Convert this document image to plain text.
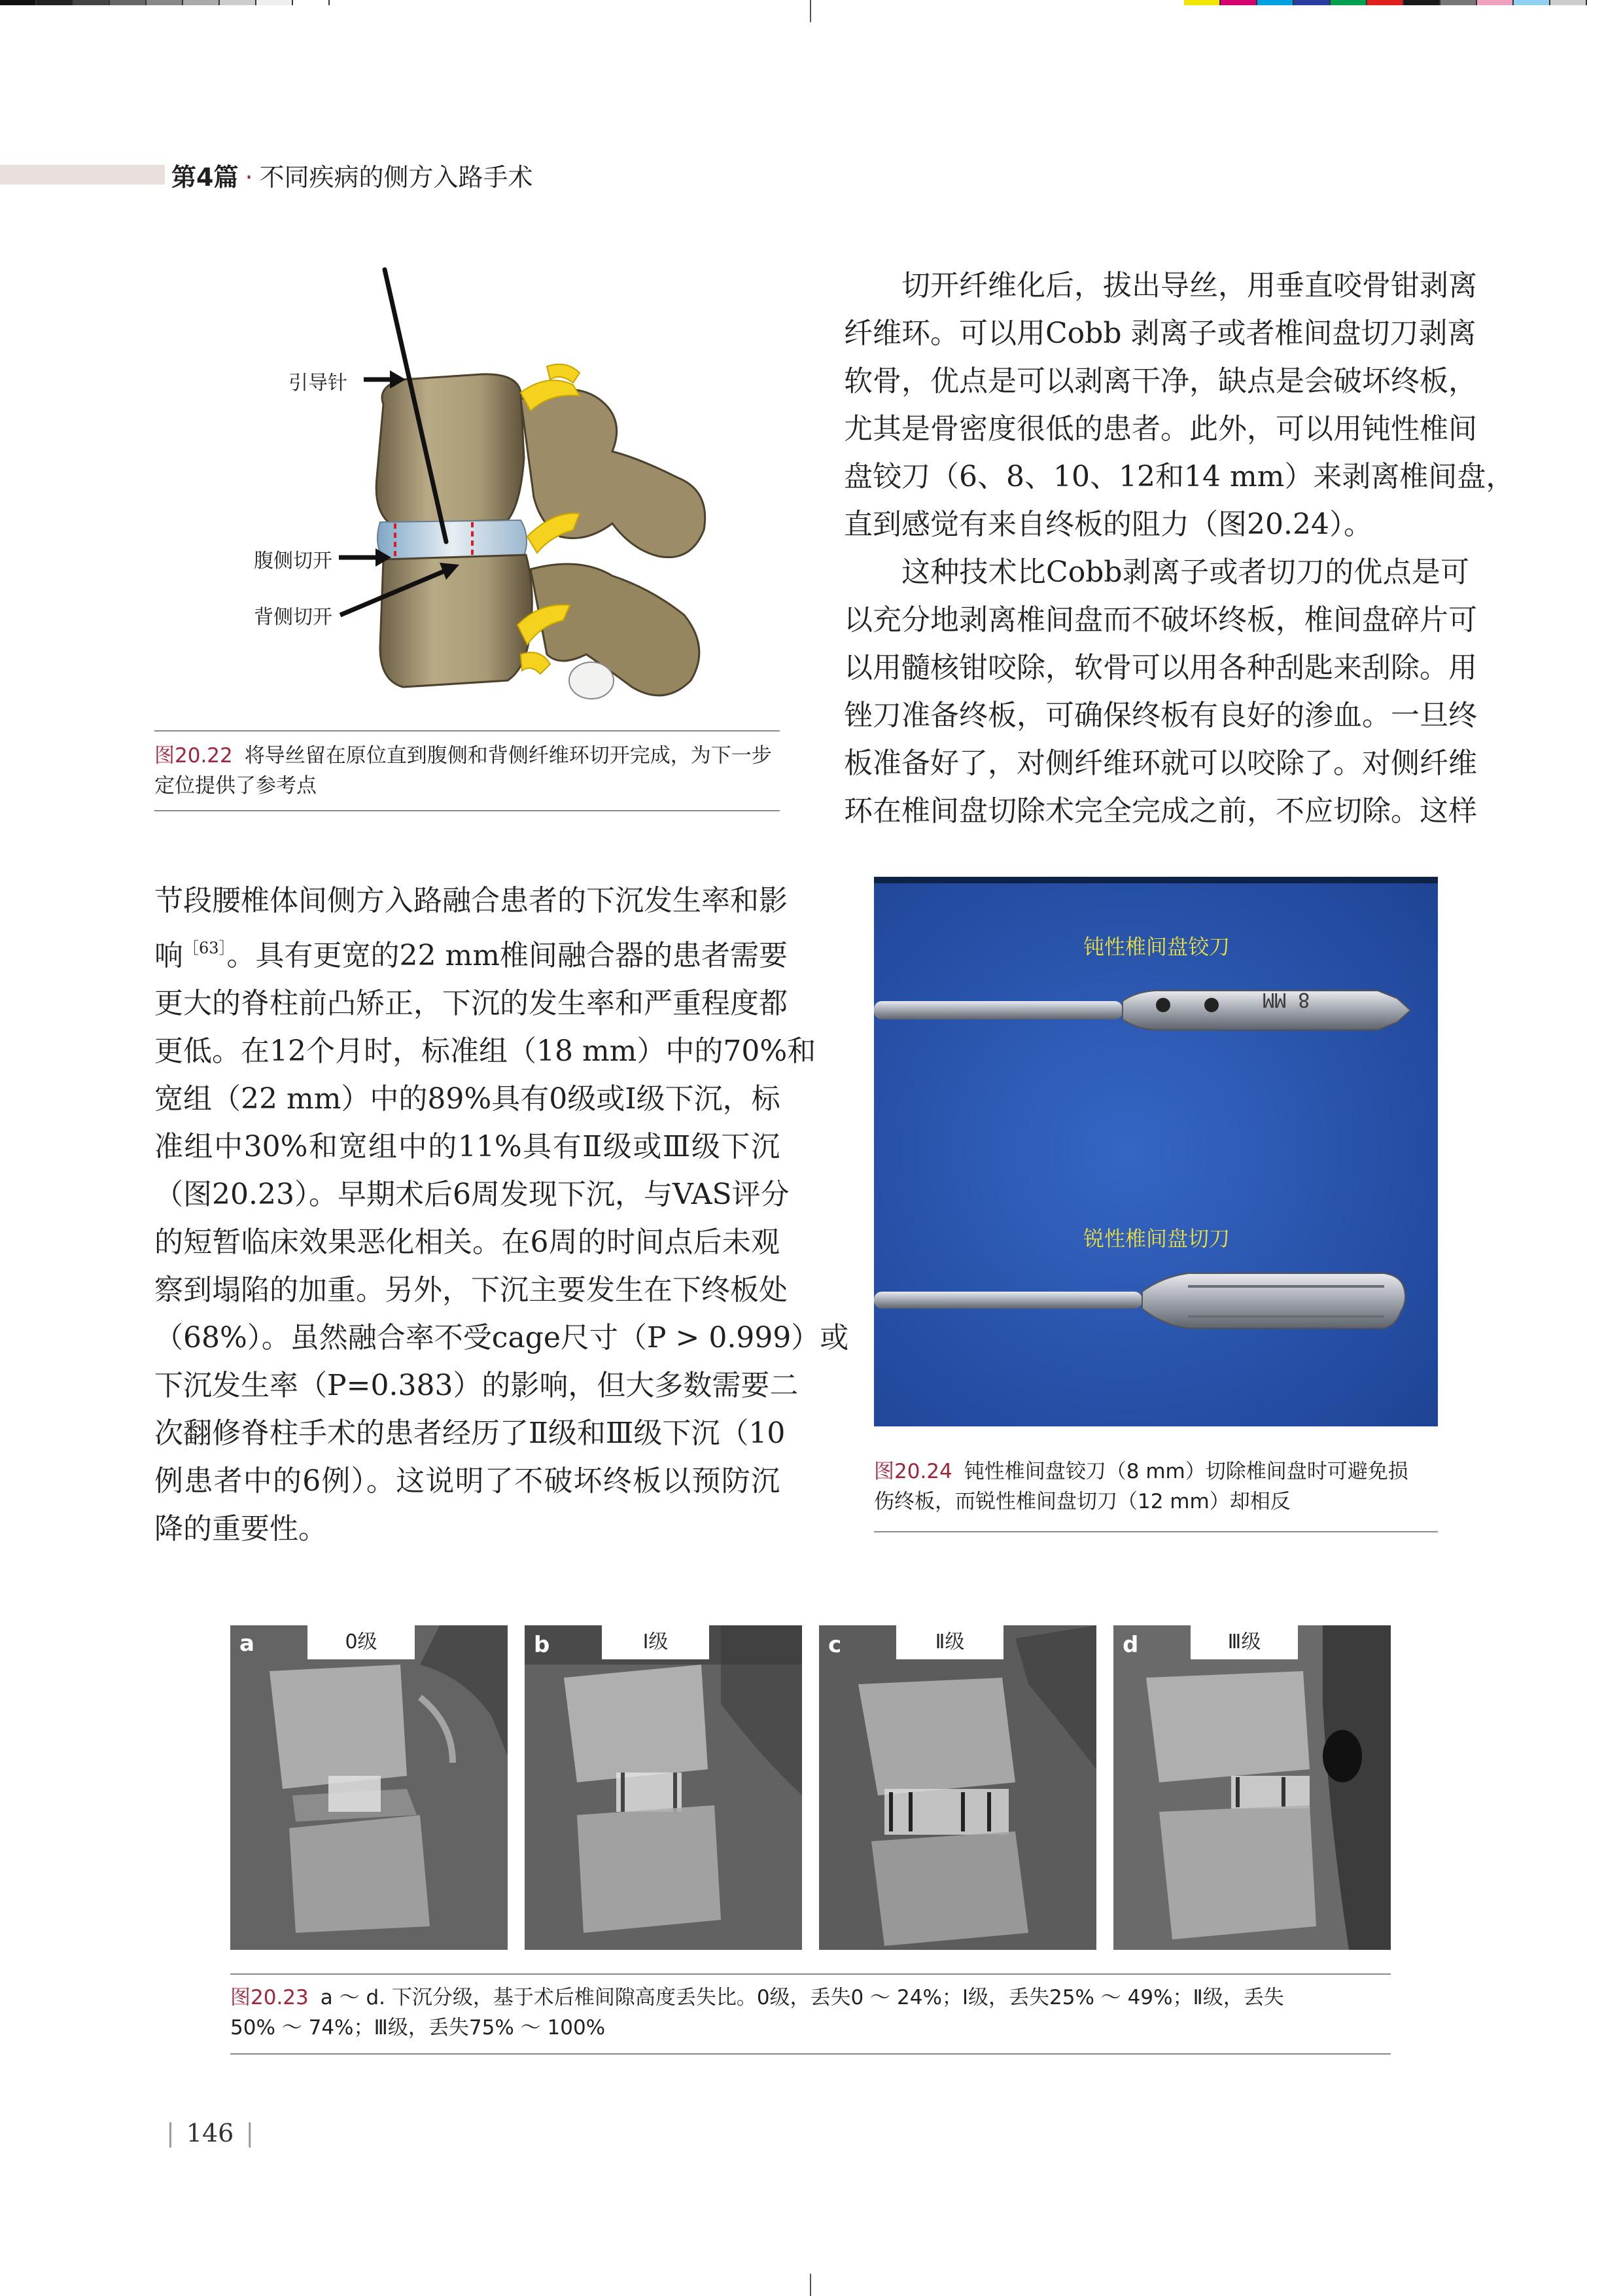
第4篇 · 不同疾病的侧方入路手术
引导针
腹侧切开
背侧切开
图20.22 将导丝留在原位直到腹侧和背侧纤维环切开完成，为下一步定位提供了参考点
切开纤维化后，拔出导丝，用垂直咬骨钳剥离
纤维环。可以用Cobb 剥离子或者椎间盘切刀剥离
软骨，优点是可以剥离干净，缺点是会破坏终板，
尤其是骨密度很低的患者。此外，可以用钝性椎间
盘铰刀（6、8、10、12和14 mm）来剥离椎间盘，
直到感觉有来自终板的阻力（图20.24）。
这种技术比Cobb剥离子或者切刀的优点是可
以充分地剥离椎间盘而不破坏终板，椎间盘碎片可
以用髓核钳咬除，软骨可以用各种刮匙来刮除。用
锉刀准备终板，可确保终板有良好的渗血。一旦终
板准备好了，对侧纤维环就可以咬除了。对侧纤维
环在椎间盘切除术完全完成之前，不应切除。这样
节段腰椎体间侧方入路融合患者的下沉发生率和影
响$^{[63]}$。具有更宽的22 mm椎间融合器的患者需要
更大的脊柱前凸矫正，下沉的发生率和严重程度都
更低。在12个月时，标准组（18 mm）中的70%和
宽组（22 mm）中的89%具有0级或Ⅰ级下沉，标
准组中30%和宽组中的11%具有Ⅱ级或Ⅲ级下沉
（图20.23）。早期术后6周发现下沉，与VAS评分
的短暂临床效果恶化相关。在6周的时间点后未观
察到塌陷的加重。另外，下沉主要发生在下终板处
（68%）。虽然融合率不受cage尺寸（P > 0.999）或
下沉发生率（P=0.383）的影响，但大多数需要二
次翻修脊柱手术的患者经历了Ⅱ级和Ⅲ级下沉（10
例患者中的6例）。这说明了不破坏终板以预防沉
降的重要性。
8 MM
钝性椎间盘铰刀
锐性椎间盘切刀
图20.24 钝性椎间盘铰刀（8 mm）切除椎间盘时可避免损
伤终板，而锐性椎间盘切刀（12 mm）却相反
0级
a	Ⅰ级
b	Ⅱ级
c	Ⅲ级
d
图20.23 a ～ d. 下沉分级，基于术后椎间隙高度丢失比。0级，丢失0 ～ 24%；Ⅰ级，丢失25% ～ 49%；Ⅱ级，丢失
50% ～ 74%；Ⅲ级，丢失75% ～ 100%
| 146 |
